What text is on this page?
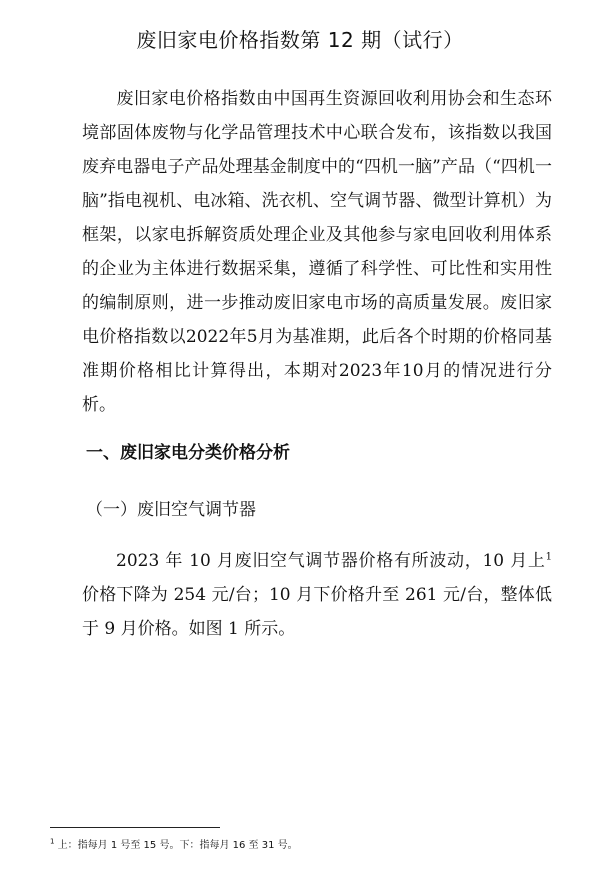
废旧家电价格指数第 12 期（试行）
废旧家电价格指数由中国再生资源回收利用协会和生态环境部固体废物与化学品管理技术中心联合发布，该指数以我国废弃电器电子产品处理基金制度中的“四机一脑”产品（“四机一脑”指电视机、电冰箱、洗衣机、空气调节器、微型计算机）为框架，以家电拆解资质处理企业及其他参与家电回收利用体系的企业为主体进行数据采集，遵循了科学性、可比性和实用性的编制原则，进一步推动废旧家电市场的高质量发展。废旧家电价格指数以2022年5月为基准期，此后各个时期的价格同基准期价格相比计算得出，本期对2023年10月的情况进行分析。
一、废旧家电分类价格分析
（一）废旧空气调节器
2023 年 10 月废旧空气调节器价格有所波动，10 月上$^1$价格下降为 254 元/台；10 月下价格升至 261 元/台，整体低于 9 月价格。如图 1 所示。
$^1$ 上：指每月 1 号至 15 号。下：指每月 16 至 31 号。
